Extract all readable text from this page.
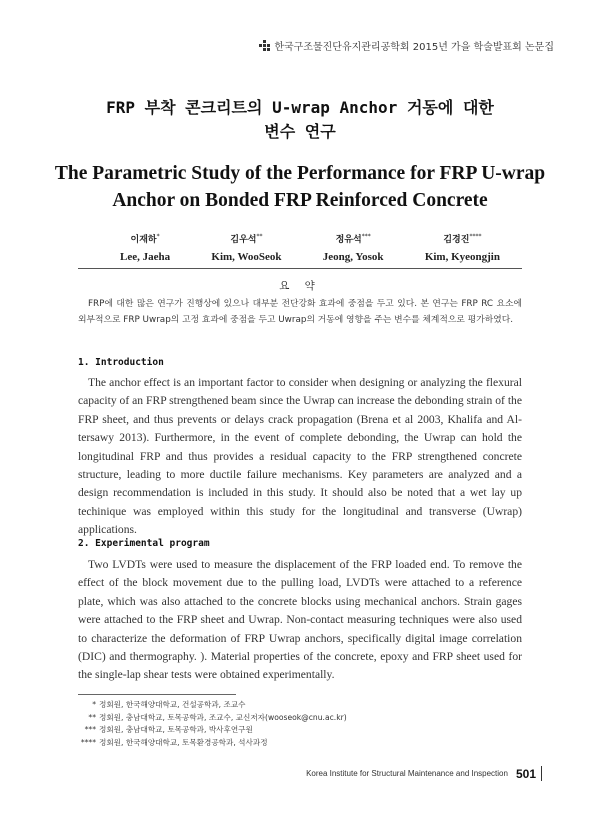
한국구조물진단유지관리공학회 2015년 가을 학술발표회 논문집
FRP 부착 콘크리트의 U-wrap Anchor 거동에 대한
변수 연구
The Parametric Study of the Performance for FRP U-wrap
Anchor on Bonded FRP Reinforced Concrete
이재하*
Lee, Jaeha
김우석**
Kim, WooSeok
정유석***
Jeong, Yosok
김경진****
Kim, Kyeongjin
요 약
FRP에 대한 많은 연구가 진행상에 있으나 대부분 전단강화 효과에 중점을 두고 있다. 본 연구는 FRP RC 요소에 외부적으로 FRP Uwrap의 고정 효과에 중점을 두고 Uwrap의 거동에 영향을 주는 변수를 체계적으로 평가하였다.
1. Introduction
The anchor effect is an important factor to consider when designing or analyzing the flexural capacity of an FRP strengthened beam since the Uwrap can increase the debonding strain of the FRP sheet, and thus prevents or delays crack propagation (Brena et al 2003, Khalifa and Al-tersawy 2013). Furthermore, in the event of complete debonding, the Uwrap can hold the longitudinal FRP and thus provides a residual capacity to the FRP strengthened concrete structure, leading to more ductile failure mechanisms. Key parameters are analyzed and a design recommendation is included in this study. It should also be noted that a wet lay up techinique was employed within this study for the longitudinal and transverse (Uwrap) applications.
2. Experimental program
Two LVDTs were used to measure the displacement of the FRP loaded end. To remove the effect of the block movement due to the pulling load, LVDTs were attached to a reference plate, which was also attached to the concrete blocks using mechanical anchors. Strain gages were attached to the FRP sheet and Uwrap. Non-contact measuring techniques were also used to characterize the deformation of FRP Uwrap anchors, specifically digital image correlation (DIC) and thermography. ). Material properties of the concrete, epoxy and FRP sheet used for the single-lap shear tests were obtained experimentally.
* 정회원, 한국해양대학교, 건설공학과, 조교수
** 정회원, 충남대학교, 토목공학과, 조교수, 교신저자(wooseok@cnu.ac.kr)
*** 정회원, 충남대학교, 토목공학과, 박사후연구원
**** 정회원, 한국해양대학교, 토목환경공학과, 석사과정
Korea Institute for Structural Maintenance and Inspection 501
